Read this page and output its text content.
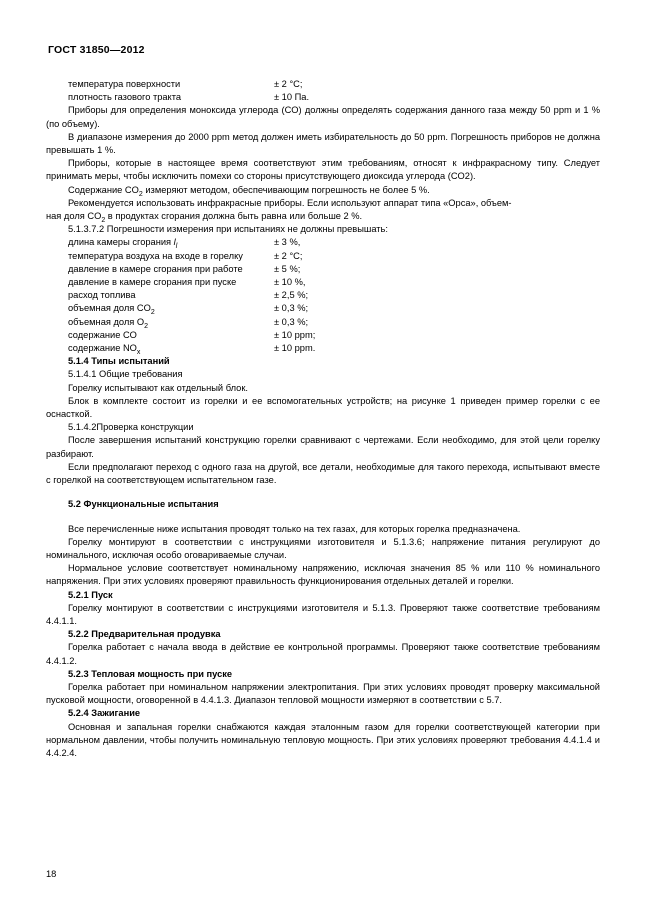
ГОСТ 31850—2012
температура поверхности	± 2 °C;
плотность газового тракта	± 10 Па.

Приборы для определения моноксида углерода (CO) должны определять содержания данного газа между 50 ppm и 1 % (по объему).

В диапазоне измерения до 2000 ppm метод должен иметь избирательность до 50 ppm. Погрешность приборов не должна превышать 1 %.

Приборы, которые в настоящее время соответствуют этим требованиям, относят к инфракрасному типу. Следует принимать меры, чтобы исключить помехи со стороны присутствующего диоксида углерода (CO2).

Содержание $CO_2$ измеряют методом, обеспечивающим погрешность не более 5 %.

Рекомендуется использовать инфракрасные приборы. Если используют аппарат типа «Орса», объем-
ная доля $CO_2$ в продуктах сгорания должна быть равна или больше 2 %.

5.1.3.7.2 Погрешности измерения при испытаниях не должны превышать:

длина камеры сгорания $l_l$	± 3 %,
температура воздуха на входе в горелку	± 2 °C;
давление в камере сгорания при работе	± 5 %;
давление в камере сгорания при пуске	± 10 %,
расход топлива	± 2,5 %;
объемная доля $CO_2$	± 0,3 %;
объемная доля $O_2$	± 0,3 %;
содержание CO	± 10 ppm;
содержание $NO_x$	± 10 ppm.

5.1.4 Типы испытаний

5.1.4.1 Общие требования

Горелку испытывают как отдельный блок.

Блок в комплекте состоит из горелки и ее вспомогательных устройств; на рисунке 1 приведен пример горелки с ее оснасткой.

5.1.4.2Проверка конструкции

После завершения испытаний конструкцию горелки сравнивают с чертежами. Если необходимо, для этой цели горелку разбирают.

Если предполагают переход с одного газа на другой, все детали, необходимые для такого перехода, испытывают вместе с горелкой на соответствующем испытательном газе.

5.2 Функциональные испытания

Все перечисленные ниже испытания проводят только на тех газах, для которых горелка предназначена.

Горелку монтируют в соответствии с инструкциями изготовителя и 5.1.3.6; напряжение питания регулируют до номинального, исключая особо оговариваемые случаи.

Нормальное условие соответствует номинальному напряжению, исключая значения 85 % или 110 % номинального напряжения. При этих условиях проверяют правильность функционирования отдельных деталей и горелки.

5.2.1 Пуск

Горелку монтируют в соответствии с инструкциями изготовителя и 5.1.3. Проверяют также соответствие требованиям 4.4.1.1.

5.2.2 Предварительная продувка

Горелка работает с начала ввода в действие ее контрольной программы. Проверяют также соответствие требованиям 4.4.1.2.

5.2.3 Тепловая мощность при пуске

Горелка работает при номинальном напряжении электропитания. При этих условиях проводят проверку максимальной пусковой мощности, оговоренной в 4.4.1.3. Диапазон тепловой мощности измеряют в соответствии с 5.7.

5.2.4 Зажигание

Основная и запальная горелки снабжаются каждая эталонным газом для горелки соответствующей категории при нормальном давлении, чтобы получить номинальную тепловую мощность. При этих условиях проверяют требования 4.4.1.4 и 4.4.2.4.

18
